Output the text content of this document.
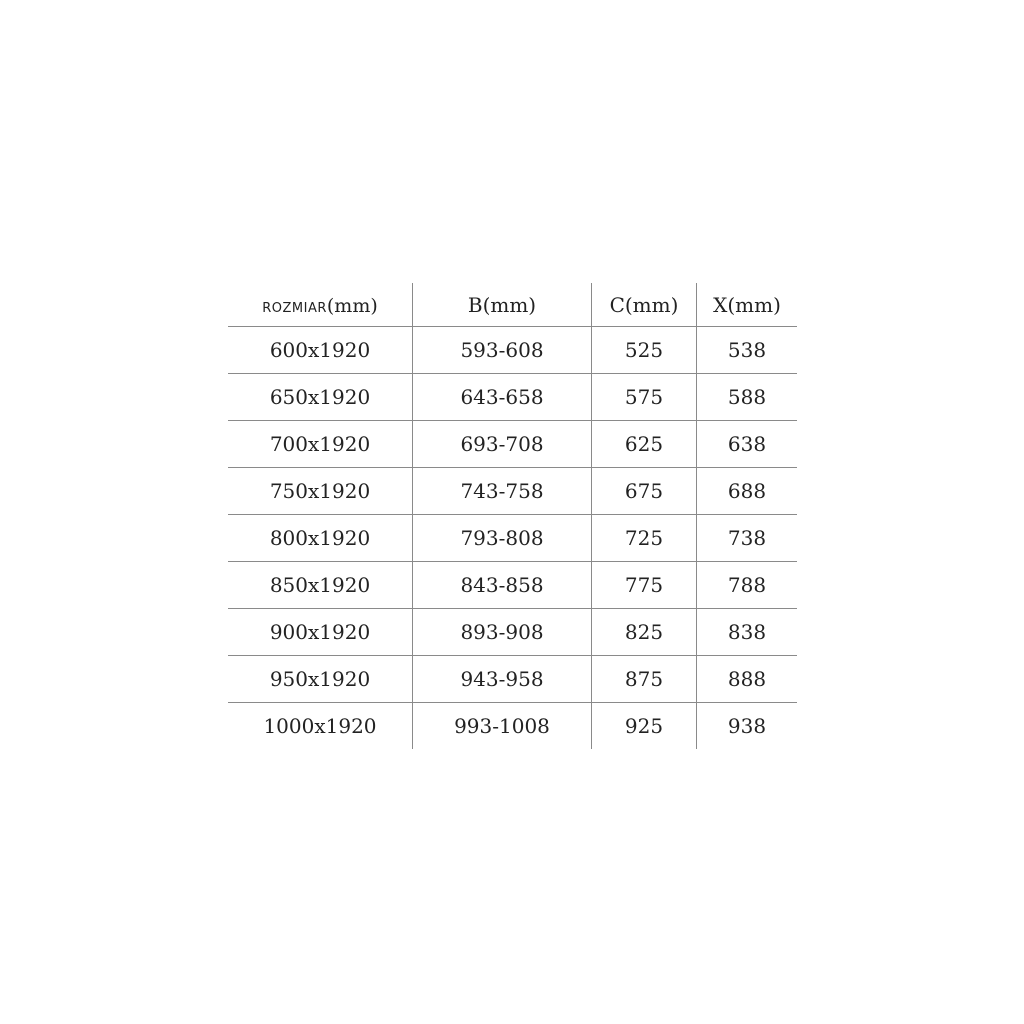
ROZMIAR(mm)	B(mm)	C(mm)	X(mm)
600x1920	593-608	525	538
650x1920	643-658	575	588
700x1920	693-708	625	638
750x1920	743-758	675	688
800x1920	793-808	725	738
850x1920	843-858	775	788
900x1920	893-908	825	838
950x1920	943-958	875	888
1000x1920	993-1008	925	938
